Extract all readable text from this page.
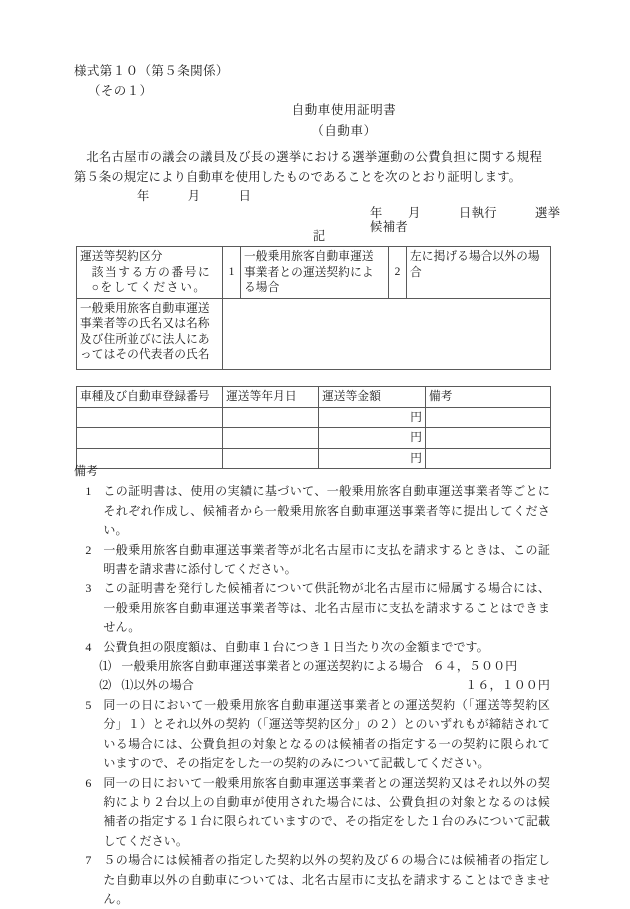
様式第１０（第５条関係）
（その１）
自動車使用証明書
（自動車）
北名古屋市の議会の議員及び長の選挙における選挙運動の公費負担に関する規程第５条の規定により自動車を使用したものであることを次のとおり証明します。
年　　　月　　　日
年　　月　　　日執行　　　選挙
候補者
記
運送等契約区分
該当する方の番号に○をしてください。	1	一般乗用旅客自動車運送事業者との運送契約による場合	2	左に掲げる場合以外の場合
一般乗用旅客自動車運送事業者等の氏名又は名称及び住所並びに法人にあってはその代表者の氏名				
車種及び自動車登録番号	運送等年月日	運送等金額	備考
		円	
		円	
		円	
備考
1 この証明書は、使用の実績に基づいて、一般乗用旅客自動車運送事業者等ごとにそれぞれ作成し、候補者から一般乗用旅客自動車運送事業者等に提出してください。
2 一般乗用旅客自動車運送事業者等が北名古屋市に支払を請求するときは、この証明書を請求書に添付してください。
3 この証明書を発行した候補者について供託物が北名古屋市に帰属する場合には、一般乗用旅客自動車運送事業者等は、北名古屋市に支払を請求することはできません。
4 公費負担の限度額は、自動車１台につき１日当たり次の金額までです。
⑴ 一般乗用旅客自動車運送事業者との運送契約による場合 ６４，５００円
⑵ ⑴以外の場合	１６，１００円
5 同一の日において一般乗用旅客自動車運送事業者との運送契約（「運送等契約区分」１）とそれ以外の契約（「運送等契約区分」の２）とのいずれもが締結されている場合には、公費負担の対象となるのは候補者の指定する一の契約に限られていますので、その指定をした一の契約のみについて記載してください。
6 同一の日において一般乗用旅客自動車運送事業者との運送契約又はそれ以外の契約により２台以上の自動車が使用された場合には、公費負担の対象となるのは候補者の指定する１台に限られていますので、その指定をした１台のみについて記載してください。
7 ５の場合には候補者の指定した契約以外の契約及び６の場合には候補者の指定した自動車以外の自動車については、北名古屋市に支払を請求することはできません。
